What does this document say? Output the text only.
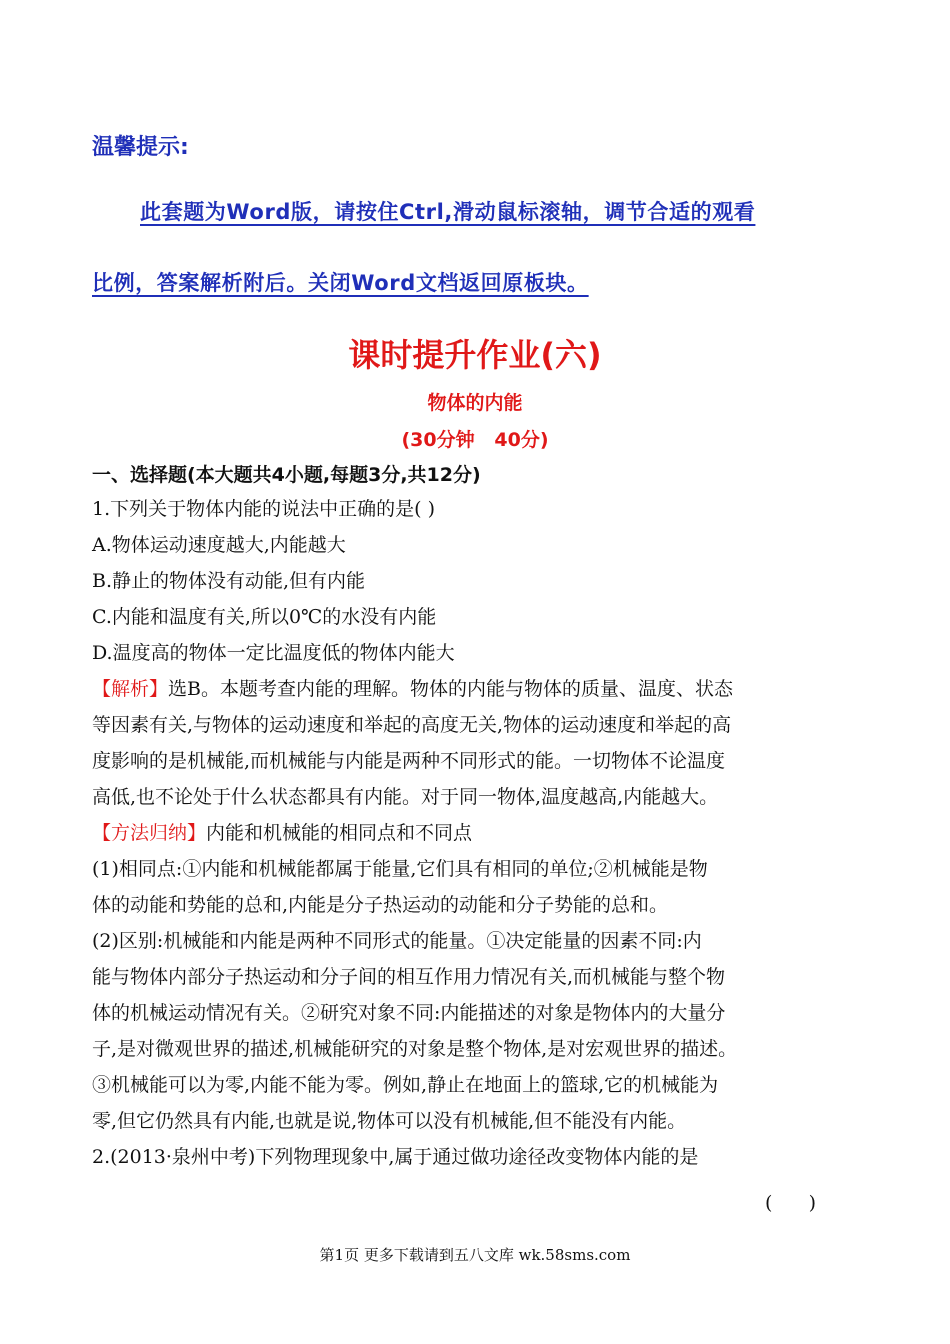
温馨提示:
此套题为Word版，请按住Ctrl,滑动鼠标滚轴，调节合适的观看
比例，答案解析附后。关闭Word文档返回原板块。
课时提升作业(六)
物体的内能
(30分钟   40分)
一、选择题(本大题共4小题,每题3分,共12分)
1.下列关于物体内能的说法中正确的是( )
A.物体运动速度越大,内能越大
B.静止的物体没有动能,但有内能
C.内能和温度有关,所以0℃的水没有内能
D.温度高的物体一定比温度低的物体内能大
【解析】选B。本题考查内能的理解。物体的内能与物体的质量、温度、状态
等因素有关,与物体的运动速度和举起的高度无关,物体的运动速度和举起的高
度影响的是机械能,而机械能与内能是两种不同形式的能。一切物体不论温度
高低,也不论处于什么状态都具有内能。对于同一物体,温度越高,内能越大。
【方法归纳】内能和机械能的相同点和不同点
(1)相同点:①内能和机械能都属于能量,它们具有相同的单位;②机械能是物
体的动能和势能的总和,内能是分子热运动的动能和分子势能的总和。
(2)区别:机械能和内能是两种不同形式的能量。①决定能量的因素不同:内
能与物体内部分子热运动和分子间的相互作用力情况有关,而机械能与整个物
体的机械运动情况有关。②研究对象不同:内能描述的对象是物体内的大量分
子,是对微观世界的描述,机械能研究的对象是整个物体,是对宏观世界的描述。
③机械能可以为零,内能不能为零。例如,静止在地面上的篮球,它的机械能为
零,但它仍然具有内能,也就是说,物体可以没有机械能,但不能没有内能。
2.(2013·泉州中考)下列物理现象中,属于通过做功途径改变物体内能的是
(      )
第1页 更多下载请到五八文库 wk.58sms.com
